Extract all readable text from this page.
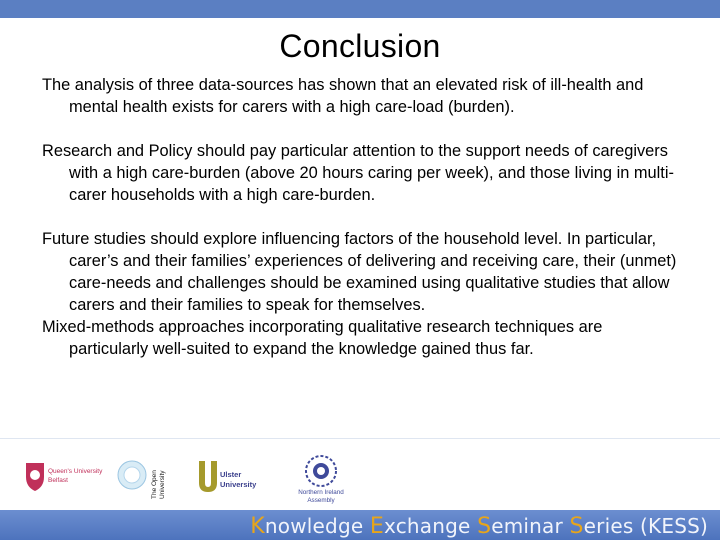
Conclusion

The analysis of three data-sources has shown that an elevated risk of ill-health and mental health exists for carers with a high care-load (burden).

Research and Policy should pay particular attention to the support needs of caregivers with a high care-burden (above 20 hours caring per week), and those living in multi-carer households with a high care-burden.

Future studies should explore influencing factors of the household level. In particular, carer’s and their families’ experiences of delivering and receiving care, their (unmet) care-needs and challenges should be examined using qualitative studies that allow carers and their families to speak for themselves.

Mixed-methods approaches incorporating qualitative research techniques are particularly well-suited to expand the knowledge gained thus far.

Queen's University
Belfast	The Open University	Ulster
University
Northern Ireland
Assembly
Knowledge Exchange Seminar Series (KESS)
